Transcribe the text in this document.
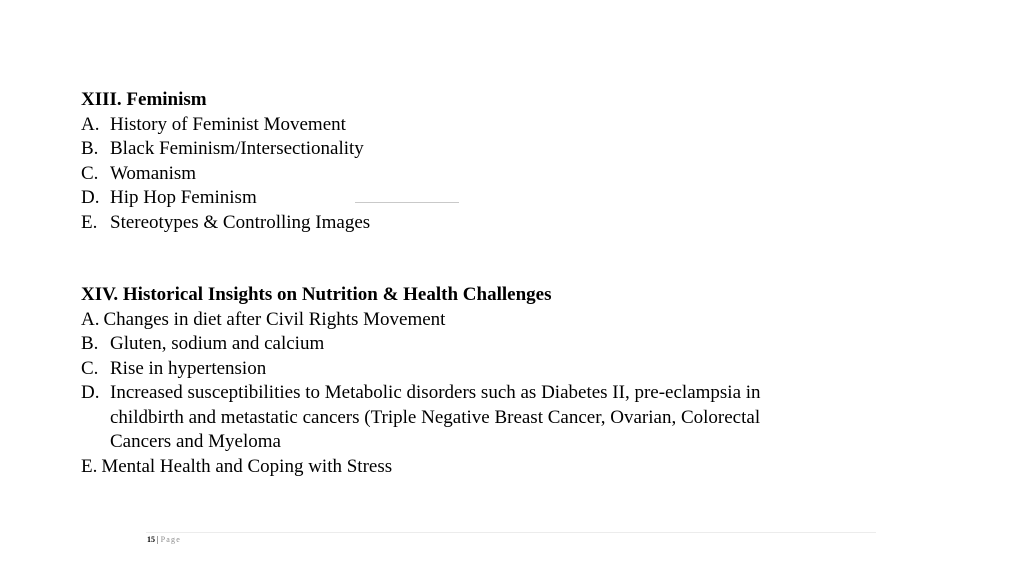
XIII. Feminism
A. History of Feminist Movement
B. Black Feminism/Intersectionality
C. Womanism
D. Hip Hop Feminism
E. Stereotypes & Controlling Images
XIV. Historical Insights on Nutrition & Health Challenges
A. Changes in diet after Civil Rights Movement
B. Gluten, sodium and calcium
C. Rise in hypertension
D. Increased susceptibilities to Metabolic disorders such as Diabetes II, pre-eclampsia in childbirth and metastatic cancers (Triple Negative Breast Cancer, Ovarian, Colorectal Cancers and Myeloma
E. Mental Health and Coping with Stress
15 | Page
